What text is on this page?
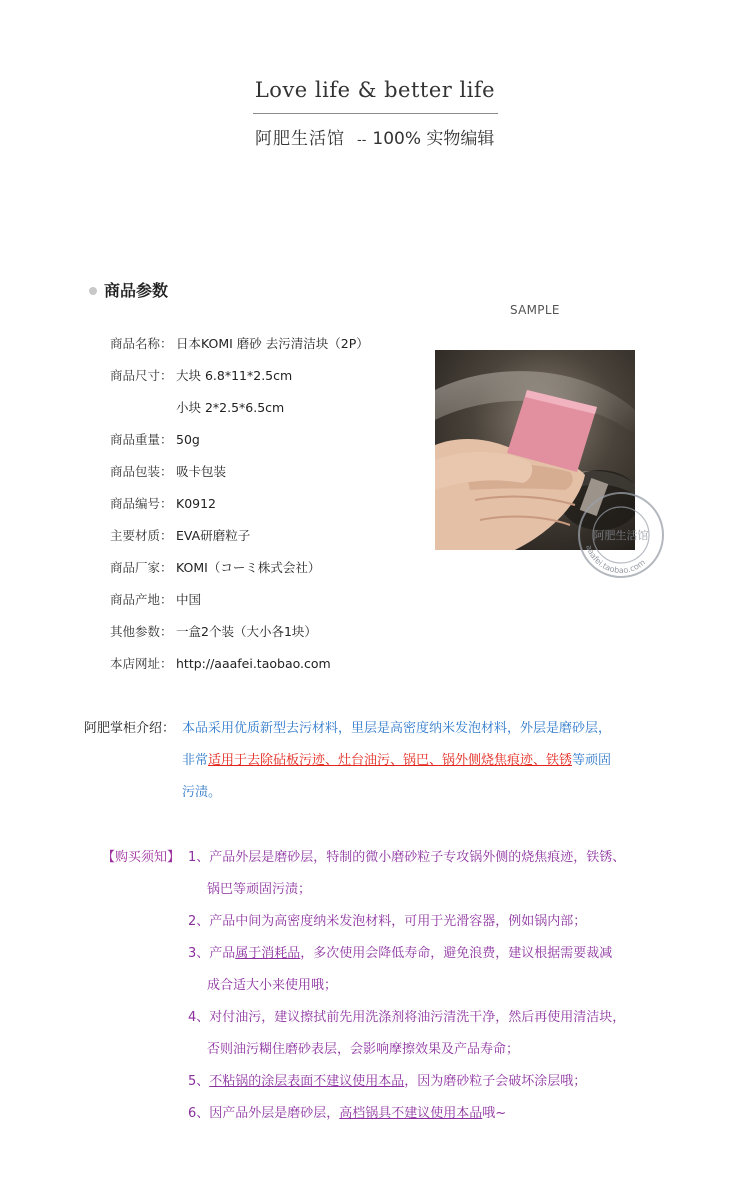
Love life & better life
阿肥生活馆 -- 100% 实物编辑
商品参数
商品名称： 日本KOMI 磨砂 去污清洁块（2P）
商品尺寸： 大块 6.8*11*2.5cm
小块 2*2.5*6.5cm
商品重量： 50g
商品包装： 吸卡包装
商品编号： K0912
主要材质： EVA研磨粒子
商品厂家： KOMI（コーミ株式会社）
商品产地： 中国
其他参数： 一盒2个装（大小各1块）
本店网址： http://aaafei.taobao.com
SAMPLE
aaafei.taobao.com
阿肥生活馆
阿肥掌柜介绍： 本品采用优质新型去污材料，里层是高密度纳米发泡材料，外层是磨砂层，
非常适用于去除砧板污迹、灶台油污、锅巴、锅外侧烧焦痕迹、铁锈等顽固
污渍。
【购买须知】 1、产品外层是磨砂层，特制的微小磨砂粒子专攻锅外侧的烧焦痕迹，铁锈、
锅巴等顽固污渍；
2、产品中间为高密度纳米发泡材料，可用于光滑容器，例如锅内部；
3、产品属于消耗品，多次使用会降低寿命，避免浪费，建议根据需要裁减
成合适大小来使用哦；
4、对付油污，建议擦拭前先用洗涤剂将油污清洗干净，然后再使用清洁块，
否则油污糊住磨砂表层，会影响摩擦效果及产品寿命；
5、不粘锅的涂层表面不建议使用本品，因为磨砂粒子会破坏涂层哦；
6、因产品外层是磨砂层，高档锅具不建议使用本品哦~
